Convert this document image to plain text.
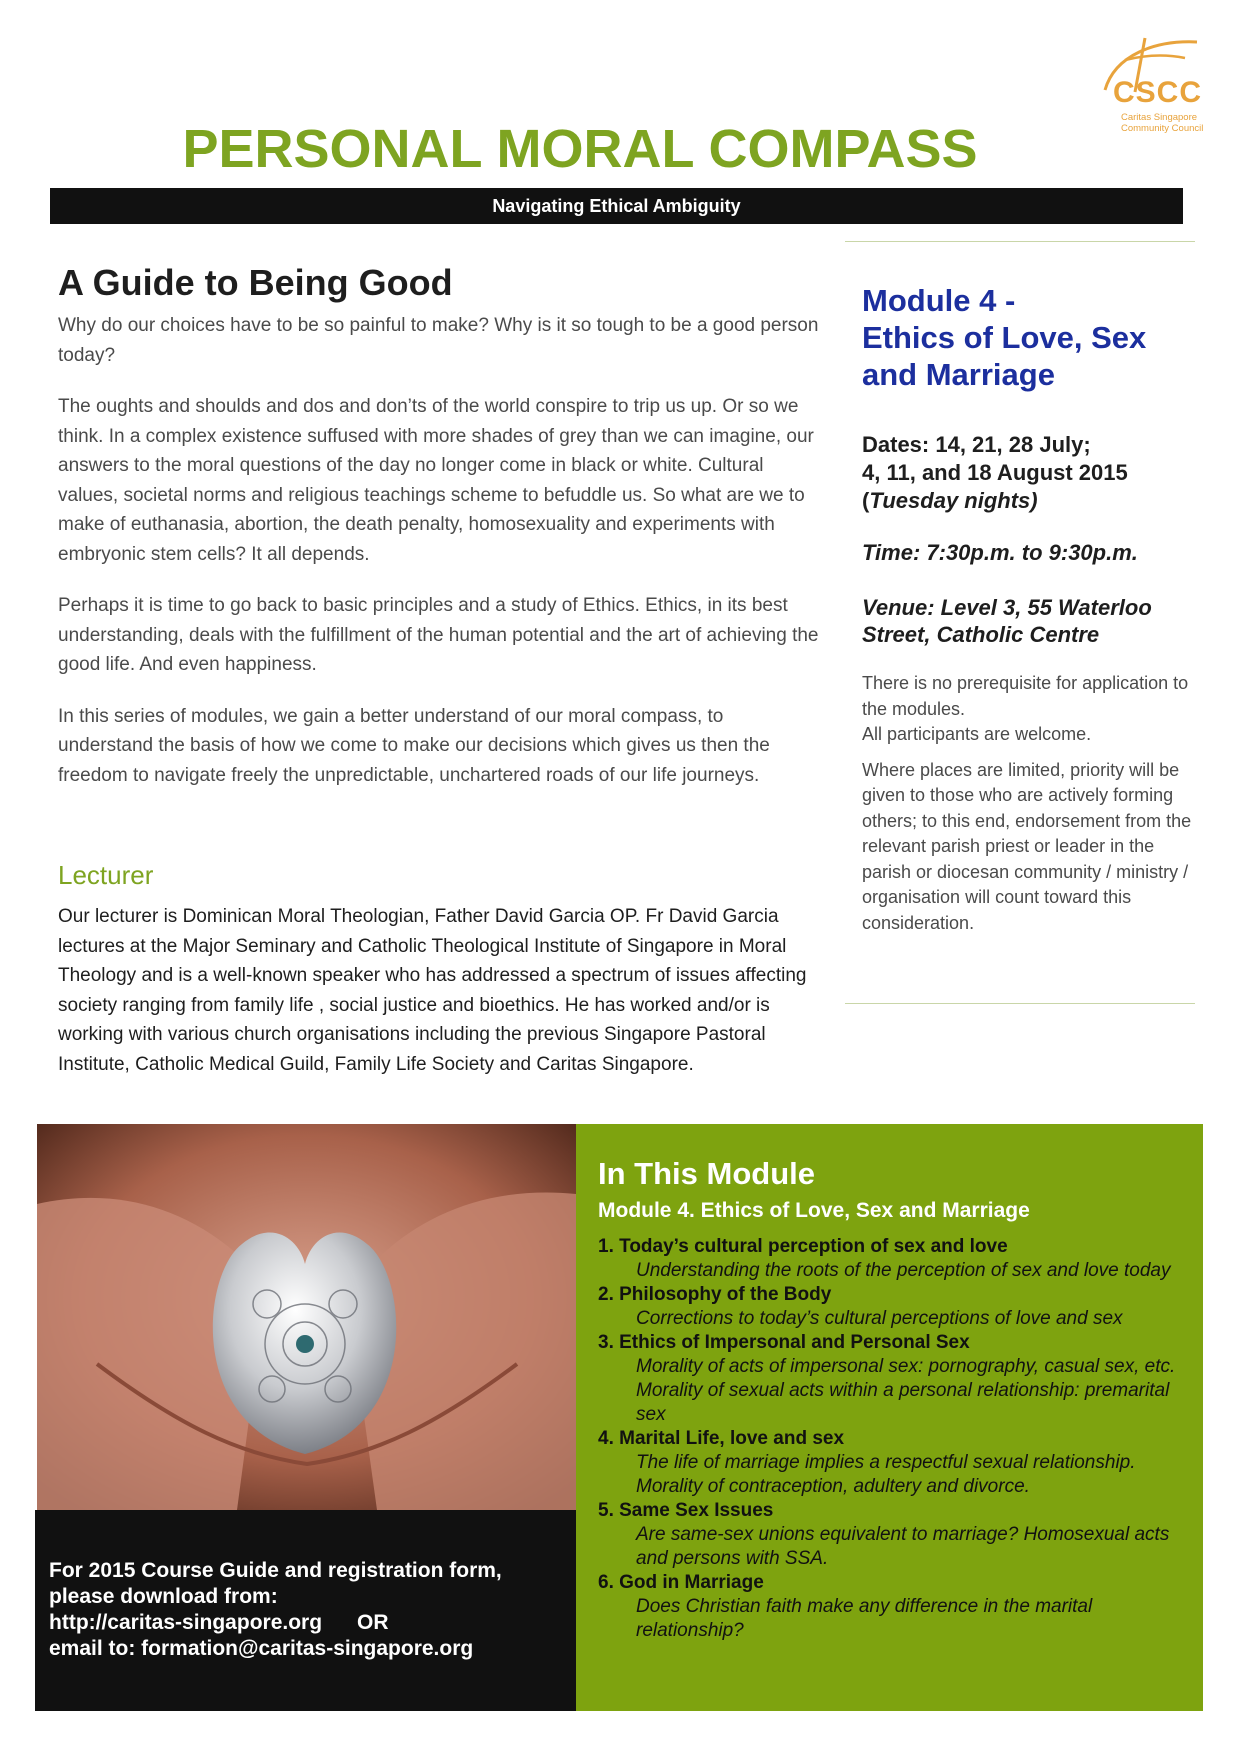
CSCC
Caritas Singapore
Community Council
PERSONAL MORAL COMPASS
Navigating Ethical Ambiguity
A Guide to Being Good

Why do our choices have to be so painful to make? Why is it so tough to be a good person today?

The oughts and shoulds and dos and don’ts of the world conspire to trip us up. Or so we think. In a complex existence suffused with more shades of grey than we can imagine, our answers to the moral questions of the day no longer come in black or white. Cultural values, societal norms and religious teachings scheme to befuddle us. So what are we to make of euthanasia, abortion, the death penalty, homosexuality and experiments with embryonic stem cells? It all depends.

Perhaps it is time to go back to basic principles and a study of Ethics. Ethics, in its best understanding, deals with the fulfillment of the human potential and the art of achieving the good life. And even happiness.

In this series of modules, we gain a better understand of our moral compass, to understand the basis of how we come to make our decisions which gives us then the freedom to navigate freely the unpredictable, unchartered roads of our life journeys.

Lecturer
Our lecturer is Dominican Moral Theologian, Father David Garcia OP. Fr David Garcia lectures at the Major Seminary and Catholic Theological Institute of Singapore in Moral Theology and is a well-known speaker who has addressed a spectrum of issues affecting society ranging from family life , social justice and bioethics. He has worked and/or is working with various church organisations including the previous Singapore Pastoral Institute, Catholic Medical Guild, Family Life Society and Caritas Singapore.
Module 4 -
Ethics of Love, Sex and Marriage
Dates: 14, 21, 28 July;
4, 11, and 18 August 2015
(Tuesday nights)
Time: 7:30p.m. to 9:30p.m.
Venue: Level 3, 55 Waterloo Street, Catholic Centre

There is no prerequisite for application to the modules.

All participants are welcome.

Where places are limited, priority will be given to those who are actively forming others; to this end, endorsement from the relevant parish priest or leader in the parish or diocesan community / ministry / organisation will count toward this consideration.

For 2015 Course Guide and registration form,
please download from:
http://caritas-singapore.org OR
email to: formation@caritas-singapore.org
In This Module
Module 4. Ethics of Love, Sex and Marriage
1. Today’s cultural perception of sex and love
Understanding the roots of the perception of sex and love today
2. Philosophy of the Body
Corrections to today’s cultural perceptions of love and sex
3. Ethics of Impersonal and Personal Sex
Morality of acts of impersonal sex: pornography, casual sex, etc. Morality of sexual acts within a personal relationship: premarital sex
4. Marital Life, love and sex
The life of marriage implies a respectful sexual relationship. Morality of contraception, adultery and divorce.
5. Same Sex Issues
Are same-sex unions equivalent to marriage? Homosexual acts and persons with SSA.
6. God in Marriage
Does Christian faith make any difference in the marital relationship?
